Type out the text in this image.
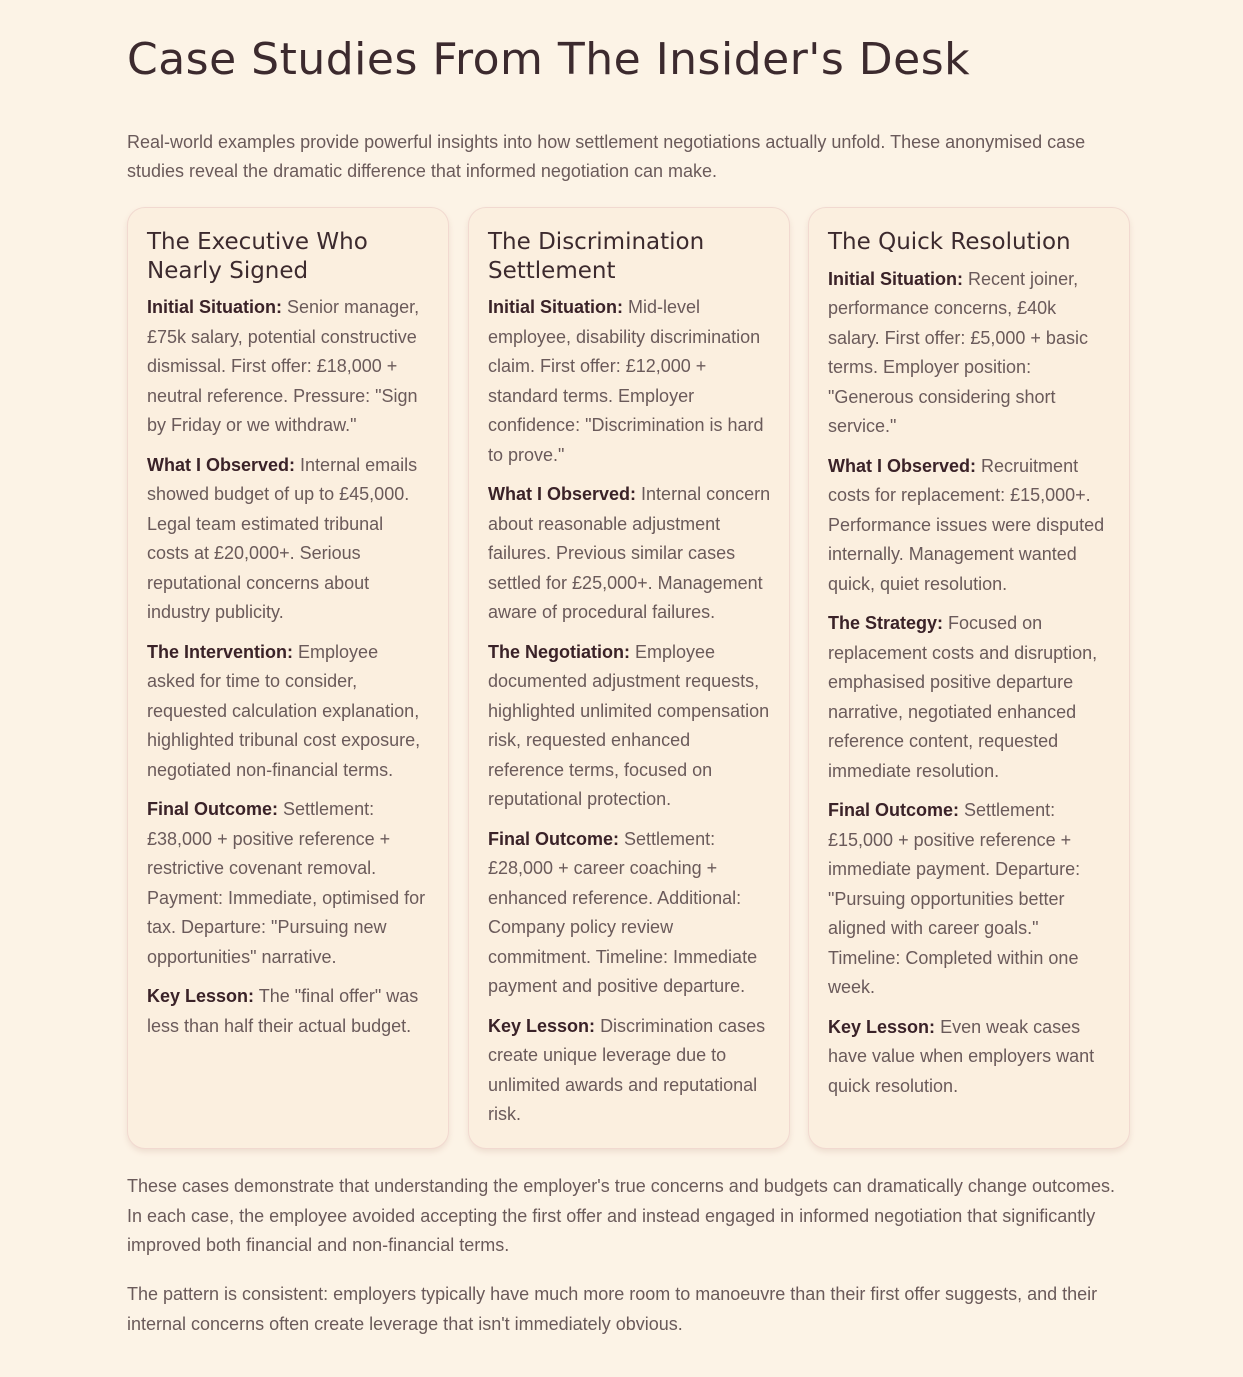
Case Studies From The Insider's Desk

Real-world examples provide powerful insights into how settlement negotiations actually unfold. These anonymised case studies reveal the dramatic difference that informed negotiation can make.

The Executive Who Nearly Signed

Initial Situation: Senior manager, £75k salary, potential constructive dismissal. First offer: £18,000 + neutral reference. Pressure: "Sign by Friday or we withdraw."

What I Observed: Internal emails showed budget of up to £45,000. Legal team estimated tribunal costs at £20,000+. Serious reputational concerns about industry publicity.

The Intervention: Employee asked for time to consider, requested calculation explanation, highlighted tribunal cost exposure, negotiated non-financial terms.

Final Outcome: Settlement: £38,000 + positive reference + restrictive covenant removal. Payment: Immediate, optimised for tax. Departure: "Pursuing new opportunities" narrative.

Key Lesson: The "final offer" was less than half their actual budget.

The Discrimination Settlement

Initial Situation: Mid-level employee, disability discrimination claim. First offer: £12,000 + standard terms. Employer confidence: "Discrimination is hard to prove."

What I Observed: Internal concern about reasonable adjustment failures. Previous similar cases settled for £25,000+. Management aware of procedural failures.

The Negotiation: Employee documented adjustment requests, highlighted unlimited compensation risk, requested enhanced reference terms, focused on reputational protection.

Final Outcome: Settlement: £28,000 + career coaching + enhanced reference. Additional: Company policy review commitment. Timeline: Immediate payment and positive departure.

Key Lesson: Discrimination cases create unique leverage due to unlimited awards and reputational risk.

The Quick Resolution

Initial Situation: Recent joiner, performance concerns, £40k salary. First offer: £5,000 + basic terms. Employer position: "Generous considering short service."

What I Observed: Recruitment costs for replacement: £15,000+. Performance issues were disputed internally. Management wanted quick, quiet resolution.

The Strategy: Focused on replacement costs and disruption, emphasised positive departure narrative, negotiated enhanced reference content, requested immediate resolution.

Final Outcome: Settlement: £15,000 + positive reference + immediate payment. Departure: "Pursuing opportunities better aligned with career goals." Timeline: Completed within one week.

Key Lesson: Even weak cases have value when employers want quick resolution.

These cases demonstrate that understanding the employer's true concerns and budgets can dramatically change outcomes. In each case, the employee avoided accepting the first offer and instead engaged in informed negotiation that significantly improved both financial and non-financial terms.

The pattern is consistent: employers typically have much more room to manoeuvre than their first offer suggests, and their internal concerns often create leverage that isn't immediately obvious.
